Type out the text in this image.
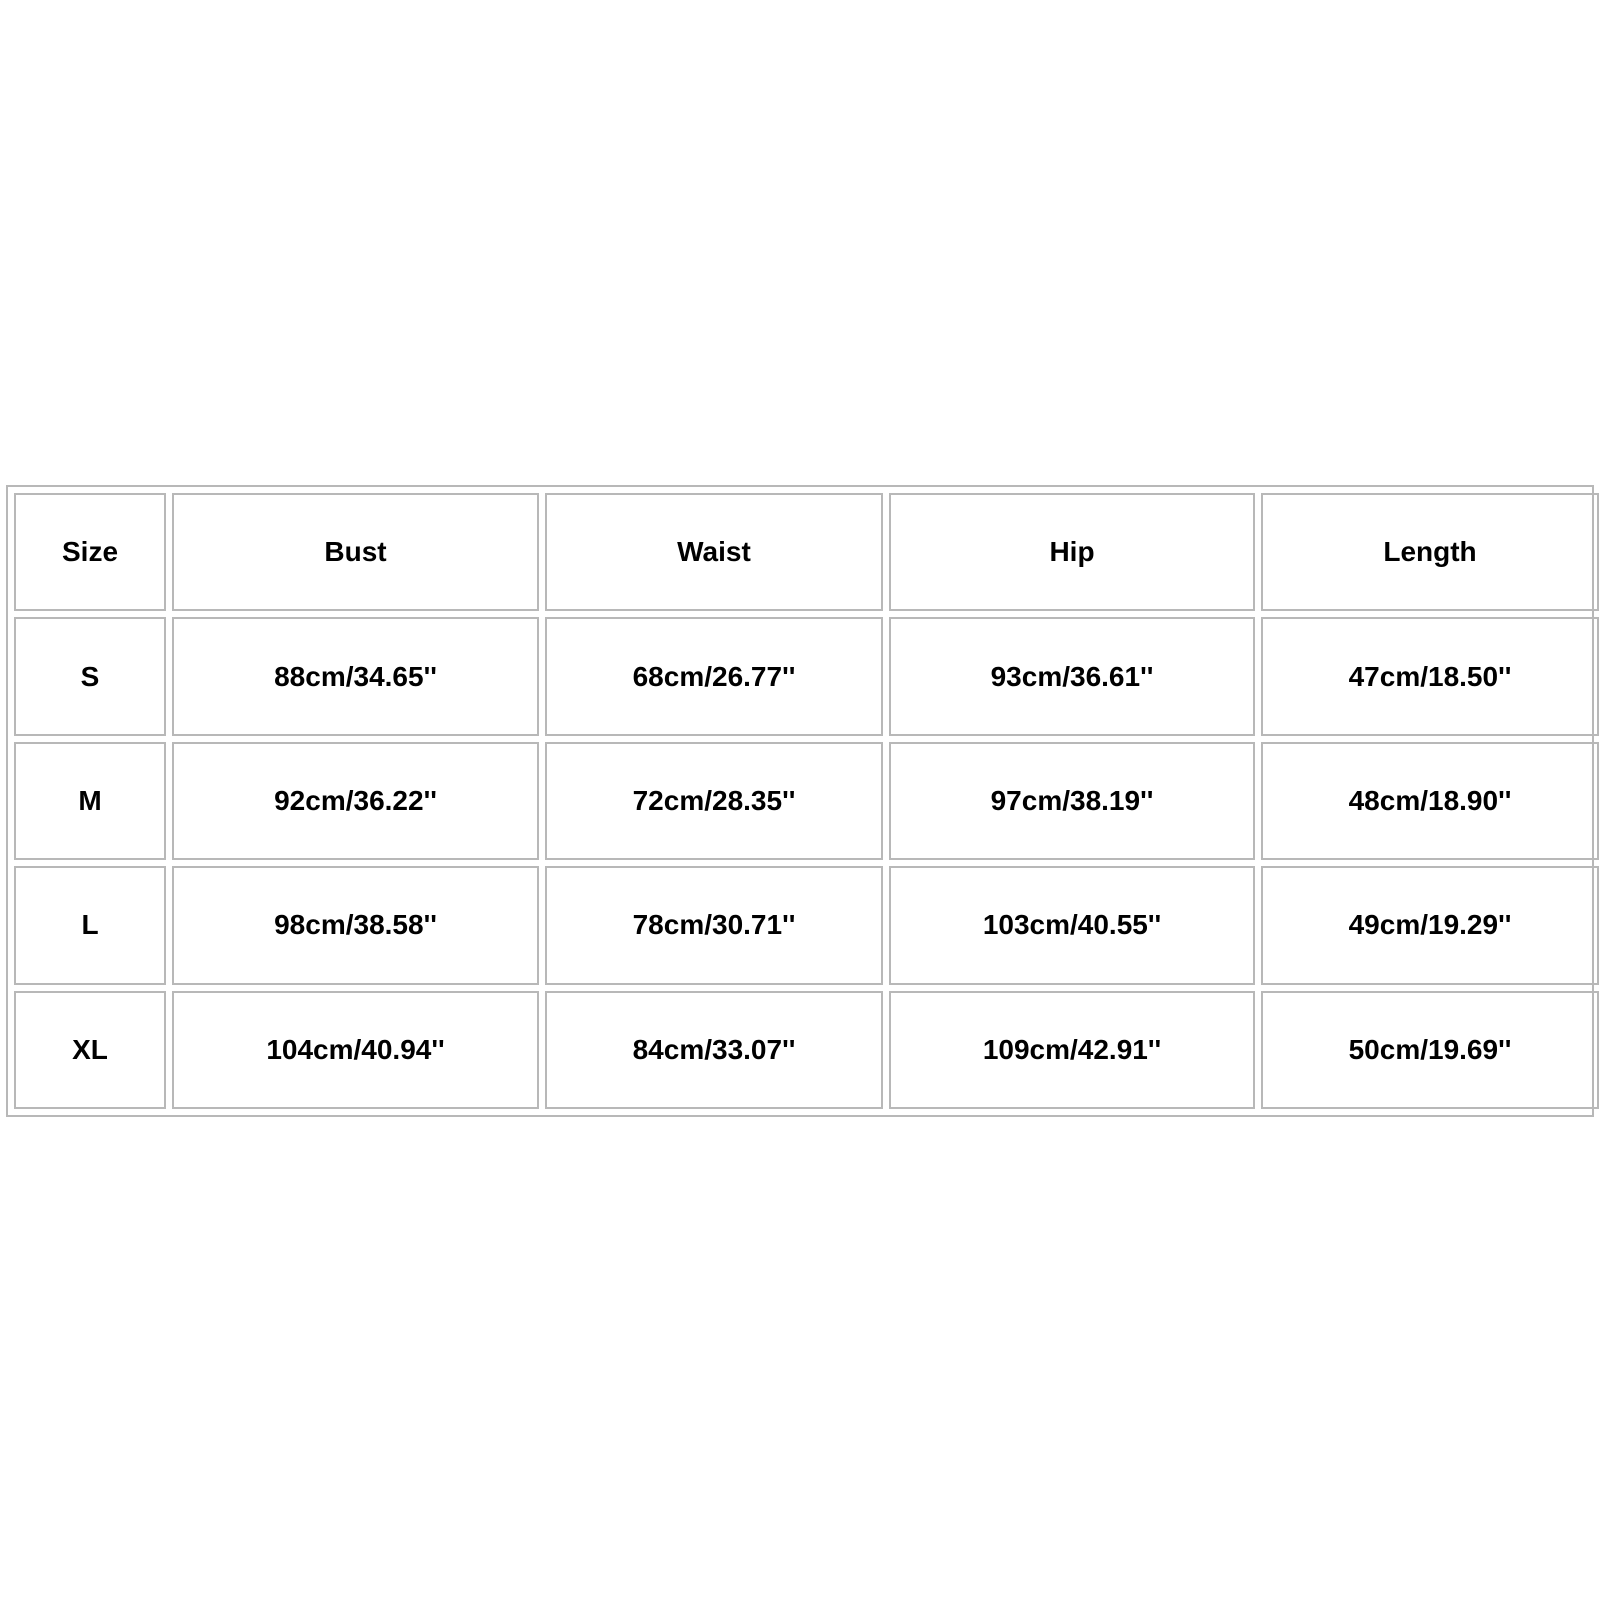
Size	Bust	Waist	Hip	Length
S	88cm/34.65''	68cm/26.77''	93cm/36.61''	47cm/18.50''
M	92cm/36.22''	72cm/28.35''	97cm/38.19''	48cm/18.90''
L	98cm/38.58''	78cm/30.71''	103cm/40.55''	49cm/19.29''
XL	104cm/40.94''	84cm/33.07''	109cm/42.91''	50cm/19.69''
